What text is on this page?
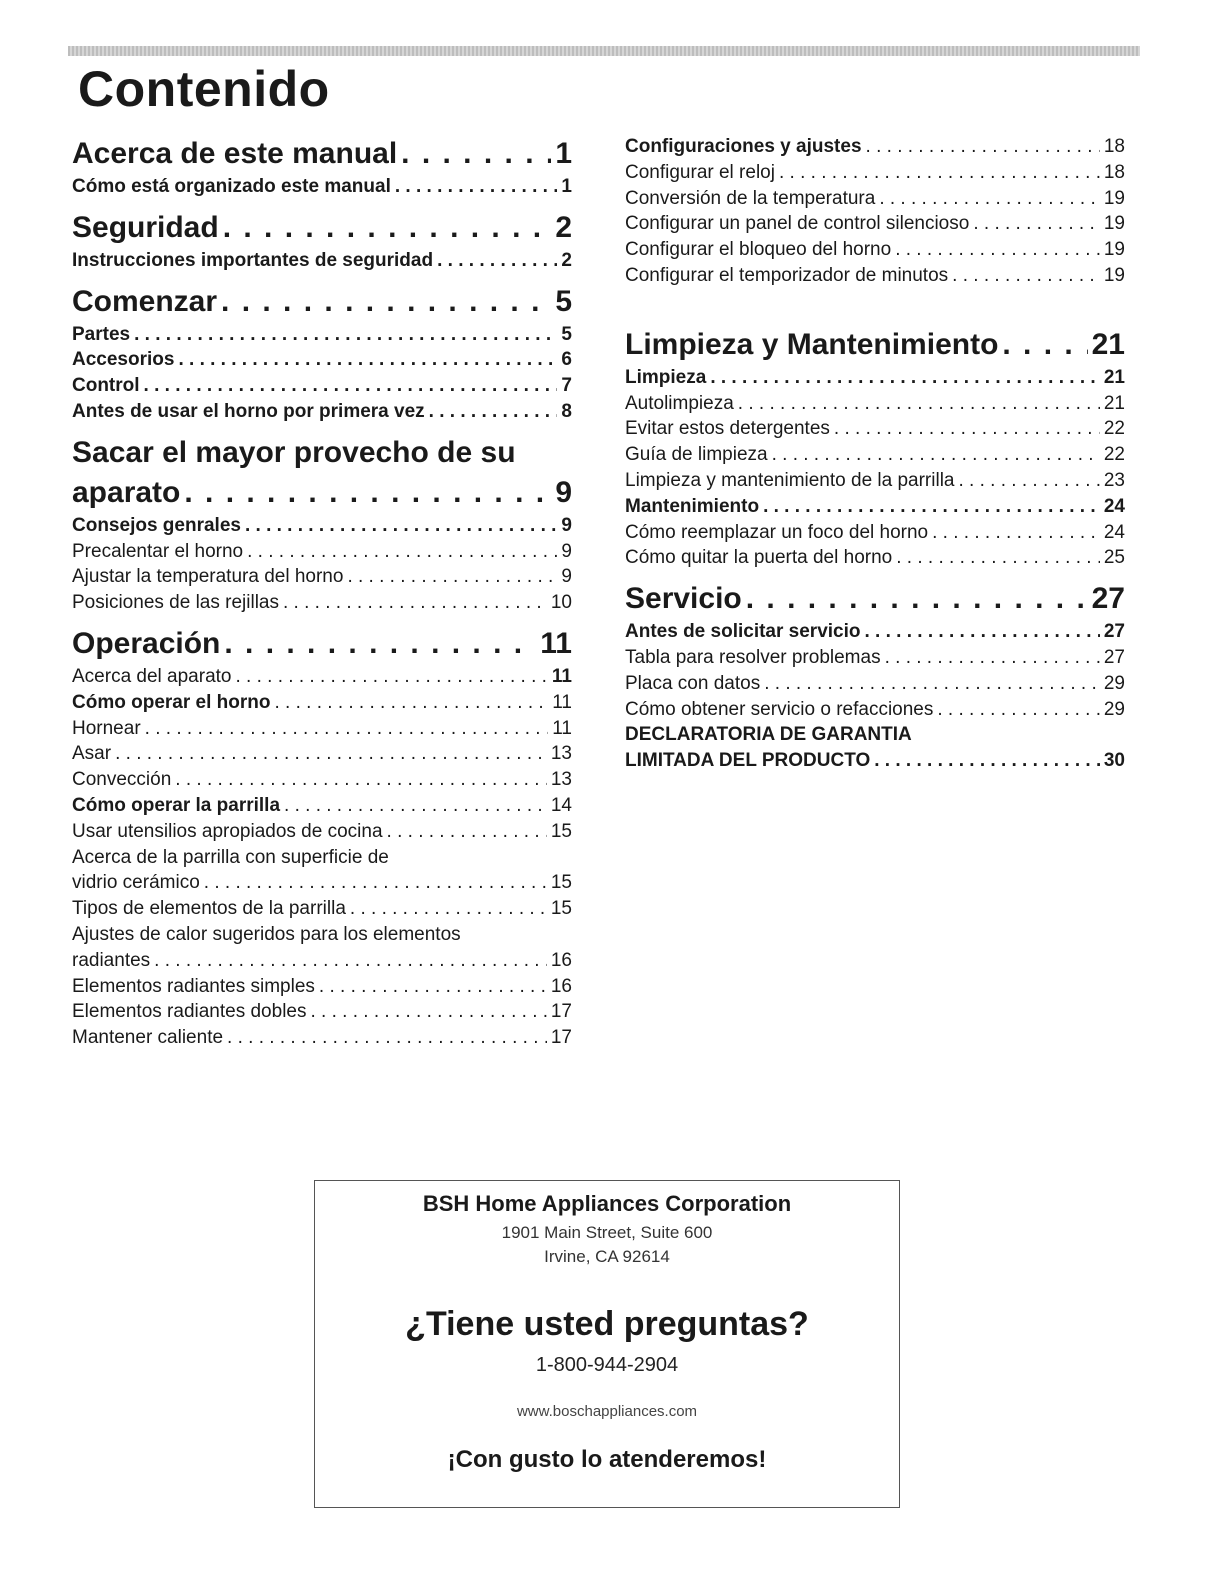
Contenido
Acerca de este manual . . .	1
Cómo está organizado este manual . . .	1
Seguridad . . .	2
Instrucciones importantes de seguridad . . .	2
Comenzar . . .	5
Partes . . .	5
Accesorios . . .	6
Control . . .	7
Antes de usar el horno por primera vez . . .	8
Sacar el mayor provecho de su
aparato . . .	9
Consejos genrales . . .	9
Precalentar el horno . . .	9
Ajustar la temperatura del horno . . .	9
Posiciones de las rejillas . . .	10
Operación . . .	11
Acerca del aparato . . .	11
Cómo operar el horno . . .	11
Hornear . . .	11
Asar . . .	13
Convección . . .	13
Cómo operar la parrilla . . .	14
Usar utensilios apropiados de cocina . . .	15
Acerca de la parrilla con superficie de
vidrio cerámico . . .	15
Tipos de elementos de la parrilla . . .	15
Ajustes de calor sugeridos para los elementos
radiantes . . .	16
Elementos radiantes simples . . .	16
Elementos radiantes dobles . . .	17
Mantener caliente . . .	17
Configuraciones y ajustes . . .	18
Configurar el reloj . . .	18
Conversión de la temperatura . . .	19
Configurar un panel de control silencioso . . .	19
Configurar el bloqueo del horno . . .	19
Configurar el temporizador de minutos . . .	19
Limpieza y Mantenimiento . . .	21
Limpieza . . .	21
Autolimpieza . . .	21
Evitar estos detergentes . . .	22
Guía de limpieza . . .	22
Limpieza y mantenimiento de la parrilla . . .	23
Mantenimiento . . .	24
Cómo reemplazar un foco del horno . . .	24
Cómo quitar la puerta del horno . . .	25
Servicio . . .	27
Antes de solicitar servicio . . .	27
Tabla para resolver problemas . . .	27
Placa con datos . . .	29
Cómo obtener servicio o refacciones . . .	29
DECLARATORIA DE GARANTIA
LIMITADA DEL PRODUCTO . . .	30
BSH Home Appliances Corporation
1901 Main Street, Suite 600
Irvine, CA 92614
¿Tiene usted preguntas?
1-800-944-2904
www.boschappliances.com
¡Con gusto lo atenderemos!
